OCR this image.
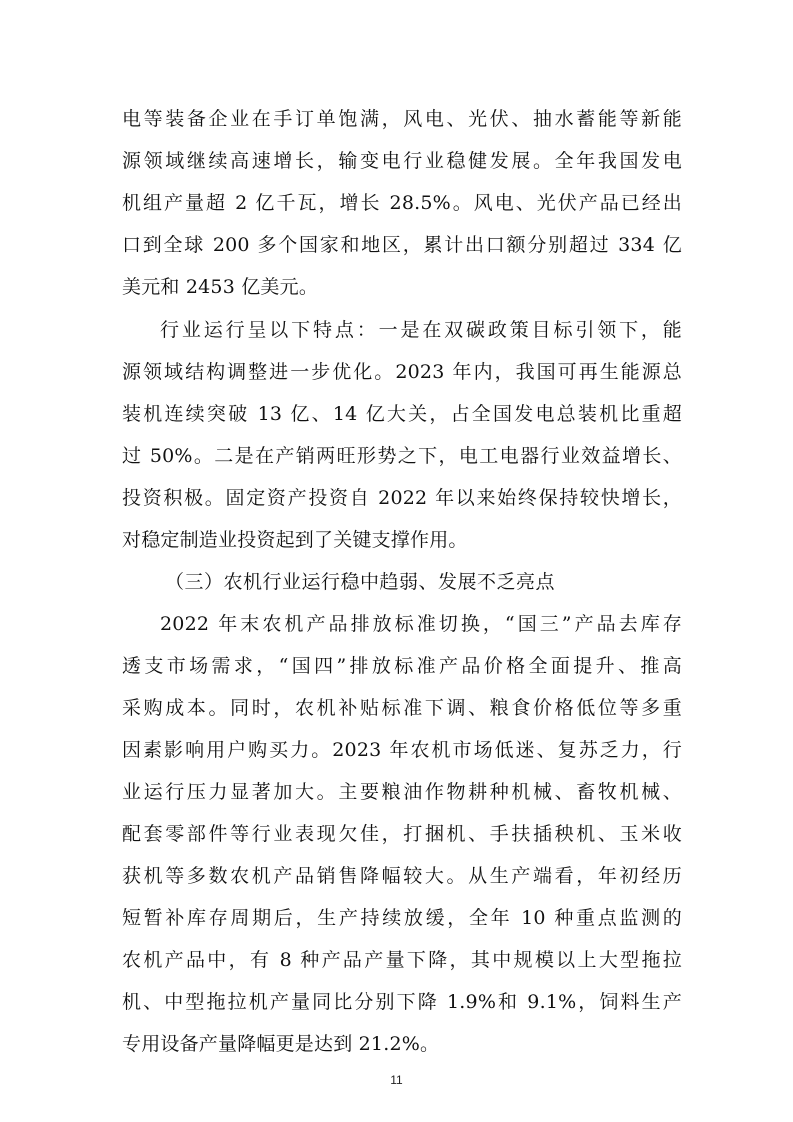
电等装备企业在手订单饱满，风电、光伏、抽水蓄能等新能
源领域继续高速增长，输变电行业稳健发展。全年我国发电
机组产量超 2 亿千瓦，增长 28.5%。风电、光伏产品已经出
口到全球 200 多个国家和地区，累计出口额分别超过 334 亿
美元和 2453 亿美元。
行业运行呈以下特点：一是在双碳政策目标引领下，能
源领域结构调整进一步优化。2023 年内，我国可再生能源总
装机连续突破 13 亿、14 亿大关，占全国发电总装机比重超
过 50%。二是在产销两旺形势之下，电工电器行业效益增长、
投资积极。固定资产投资自 2022 年以来始终保持较快增长，
对稳定制造业投资起到了关键支撑作用。
（三）农机行业运行稳中趋弱、发展不乏亮点
2022 年末农机产品排放标准切换，“国三”产品去库存
透支市场需求，“国四”排放标准产品价格全面提升、推高
采购成本。同时，农机补贴标准下调、粮食价格低位等多重
因素影响用户购买力。2023 年农机市场低迷、复苏乏力，行
业运行压力显著加大。主要粮油作物耕种机械、畜牧机械、
配套零部件等行业表现欠佳，打捆机、手扶插秧机、玉米收
获机等多数农机产品销售降幅较大。从生产端看，年初经历
短暂补库存周期后，生产持续放缓，全年 10 种重点监测的
农机产品中，有 8 种产品产量下降，其中规模以上大型拖拉
机、中型拖拉机产量同比分别下降 1.9%和 9.1%，饲料生产
专用设备产量降幅更是达到 21.2%。
11
